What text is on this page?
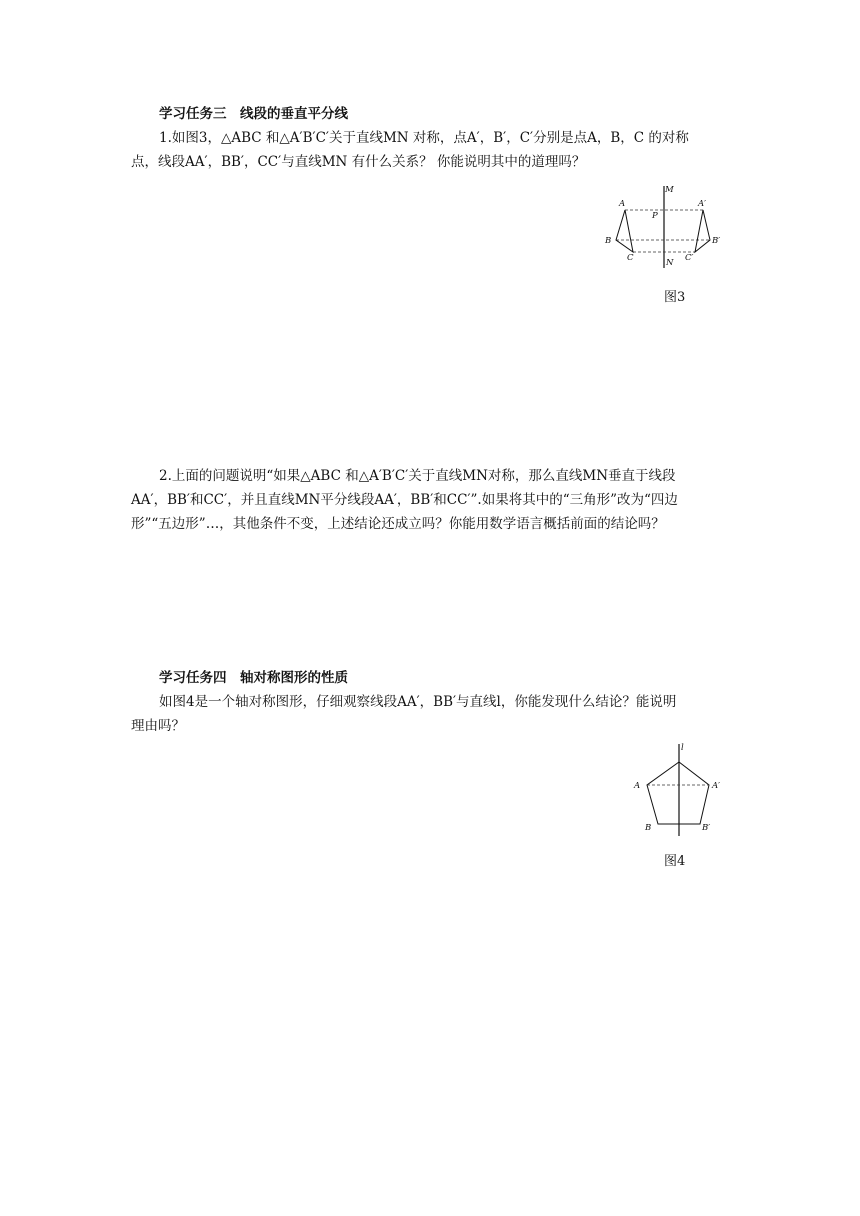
学习任务三　线段的垂直平分线
1.如图3，△ABC 和△A′B′C′关于直线MN 对称，点A′，B′，C′分别是点A，B，C 的对称
点，线段AA′，BB′，CC′与直线MN 有什么关系？ 你能说明其中的道理吗？
M
A	A′
P
B	B′
C	C′
N
图3
2.上面的问题说明“如果△ABC 和△A′B′C′关于直线MN对称，那么直线MN垂直于线段
AA′，BB′和CC′，并且直线MN平分线段AA′，BB′和CC′”.如果将其中的“三角形”改为“四边
形”“五边形”…，其他条件不变，上述结论还成立吗？你能用数学语言概括前面的结论吗？
学习任务四　轴对称图形的性质
如图4是一个轴对称图形，仔细观察线段AA′，BB′与直线l，你能发现什么结论？能说明
理由吗？
l
A	A′
B	B′
图4
